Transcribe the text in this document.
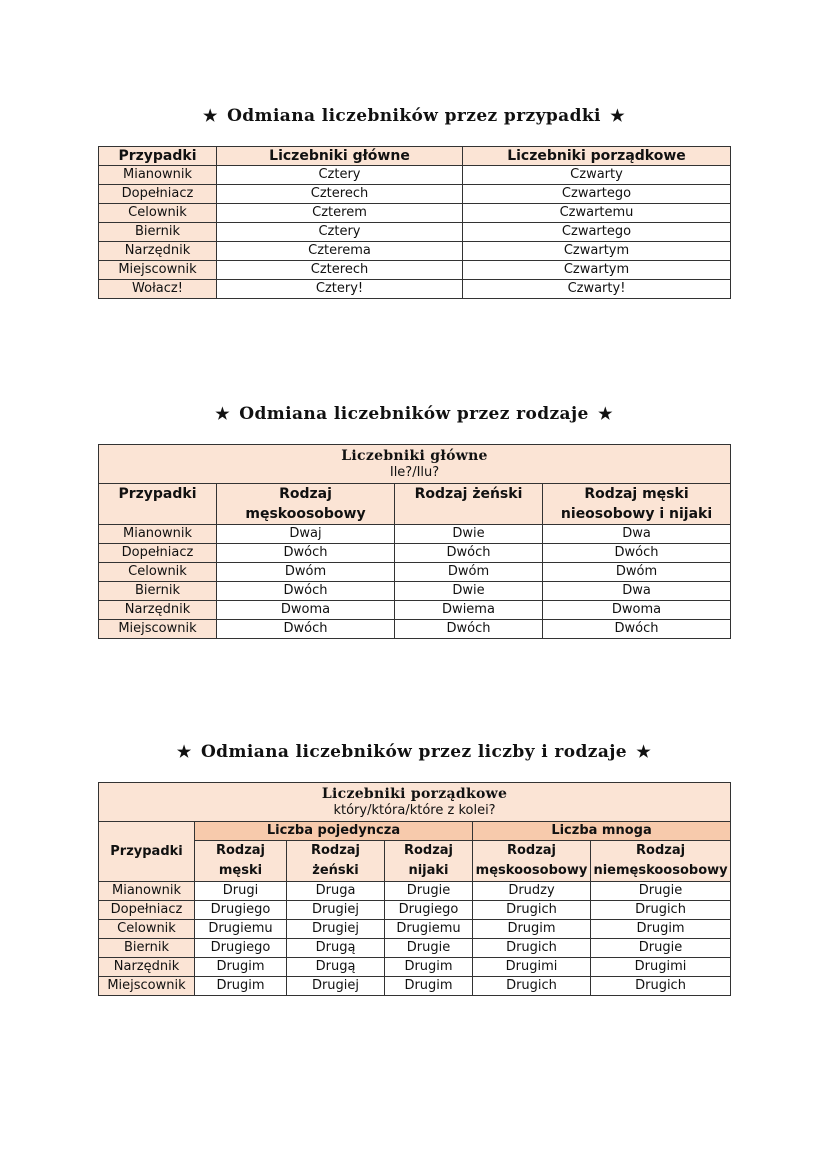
★ Odmiana liczebników przez przypadki ★
Przypadki	Liczebniki główne	Liczebniki porządkowe
Mianownik	Cztery	Czwarty
Dopełniacz	Czterech	Czwartego
Celownik	Czterem	Czwartemu
Biernik	Cztery	Czwartego
Narzędnik	Czterema	Czwartym
Miejscownik	Czterech	Czwartym
Wołacz!	Cztery!	Czwarty!
★ Odmiana liczebników przez rodzaje ★
Liczebniki główne
Ile?/Ilu?			

Przypadki	Rodzaj męskoosobowy	Rodzaj żeński	Rodzaj męski nieosobowy i nijaki
Mianownik	Dwaj	Dwie	Dwa
Dopełniacz	Dwóch	Dwóch	Dwóch
Celownik	Dwóm	Dwóm	Dwóm
Biernik	Dwóch	Dwie	Dwa
Narzędnik	Dwoma	Dwiema	Dwoma
Miejscownik	Dwóch	Dwóch	Dwóch
★ Odmiana liczebników przez liczby i rodzaje ★
Liczebniki porządkowe
który/która/które z kolei?					

Przypadki	Liczba pojedyncza			Liczba mnoga	
	Rodzaj męski	Rodzaj żeński	Rodzaj nijaki	Rodzaj męskoosobowy	Rodzaj niemęskoosobowy
Mianownik	Drugi	Druga	Drugie	Drudzy	Drugie
Dopełniacz	Drugiego	Drugiej	Drugiego	Drugich	Drugich
Celownik	Drugiemu	Drugiej	Drugiemu	Drugim	Drugim
Biernik	Drugiego	Drugą	Drugie	Drugich	Drugie
Narzędnik	Drugim	Drugą	Drugim	Drugimi	Drugimi
Miejscownik	Drugim	Drugiej	Drugim	Drugich	Drugich
